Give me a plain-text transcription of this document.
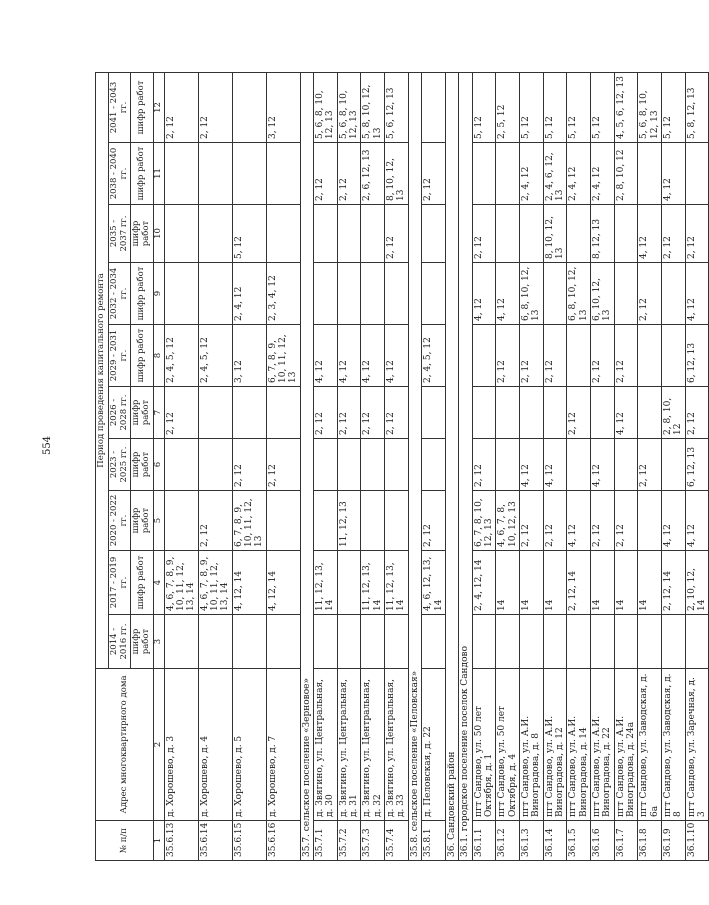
554
№ п/п	Адрес многоквартирного дома	Период проведения капитального ремонта									
		2014 - 2016 гг.	2017 - 2019 гг.	2020 - 2022 гг.	2023 - 2025 гг.	2026 - 2028 гг.	2029 - 2031 гг.	2032 - 2034 гг.	2035 - 2037 гг.	2038 - 2040 гг.	2041 - 2043 гг.
		шифр работ	шифр работ	шифр работ	шифр работ	шифр работ	шифр работ	шифр работ	шифр работ	шифр работ	шифр работ
1	2	3	4	5	6	7	8	9	10	11	12
35.6.13	д. Хорошево, д. 3		4, 6, 7, 8, 9, 10, 11, 12, 13, 14			2, 12	2, 4, 5, 12				2, 12
35.6.14	д. Хорошево, д. 4		4, 6, 7, 8, 9, 10, 11, 12, 13, 14	2, 12			2, 4, 5, 12				2, 12
35.6.15	д. Хорошево, д. 5		4, 12, 14	6, 7, 8, 9, 10, 11, 12, 13	2, 12		3, 12	2, 4, 12	5, 12		
35.6.16	д. Хорошево, д. 7		4, 12, 14		2, 12		6, 7, 8, 9, 10, 11, 12, 13	2, 3, 4, 12			3, 12
35.7. сельское поселение «Зерновое»											
35.7.1	д. Звягино, ул. Центральная, д. 30		11, 12, 13, 14			2, 12	4, 12			2, 12	5, 6, 8, 10, 12, 13
35.7.2	д. Звягино, ул. Центральная, д. 31			11, 12, 13		2, 12	4, 12			2, 12	5, 6, 8, 10, 12, 13
35.7.3	д. Звягино, ул. Центральная, д. 32		11, 12, 13, 14			2, 12	4, 12			2, 6, 12, 13	5, 8, 10, 12, 13
35.7.4	д. Звягино, ул. Центральная, д. 33		11, 12, 13, 14			2, 12	4, 12		2, 12	8, 10, 12, 13	5, 6, 12, 13
35.8. сельское поселение «Пеловская»											
35.8.1	д. Пеловская, д. 22		4, 6, 12, 13, 14	2, 12			2, 4, 5, 12			2, 12	
36. Сандовский район											
36.1. городское поселение поселок Сандово											
36.1.1	пгт Сандово, ул. 50 лет Октября, д. 1		2, 4, 12, 14	6, 7, 8, 10, 12, 13	2, 12			4, 12	2, 12		5, 12
36.1.2	пгт Сандово, ул. 50 лет Октября, д. 4		14	4, 6, 7, 8, 10, 12, 13			2, 12	4, 12			2, 5, 12
36.1.3	пгт Сандово, ул. А.И. Виноградова, д. 8		14	2, 12	4, 12		2, 12	6, 8, 10, 12, 13		2, 4, 12	5, 12
36.1.4	пгт Сандово, ул. А.И. Виноградова, д. 12		14	2, 12	4, 12		2, 12		8, 10, 12, 13	2, 4, 6, 12, 13	5, 12
36.1.5	пгт Сандово, ул. А.И. Виноградова, д. 14		2, 12, 14	4, 12		2, 12		6, 8, 10, 12, 13		2, 4, 12	5, 12
36.1.6	пгт Сандово, ул. А.И. Виноградова, д. 22		14	2, 12	4, 12		2, 12	6, 10, 12, 13	8, 12, 13	2, 4, 12	5, 12
36.1.7	пгт Сандово, ул. А.И. Виноградова, д. 24а		14	2, 12		4, 12	2, 12			2, 8, 10, 12	4, 5, 6, 12, 13
36.1.8	пгт Сандово, ул. Заводская, д. 6а		14		2, 12			2, 12	4, 12		5, 6, 8, 10, 12, 13
36.1.9	пгт Сандово, ул. Заводская, д. 8		2, 12, 14	4, 12		2, 8, 10, 12			2, 12	4, 12	5, 12
36.1.10	пгт Сандово, ул. Заречная, д. 3		2, 10, 12, 14	4, 12	6, 12, 13	2, 12	6, 12, 13	4, 12	2, 12		5, 8, 12, 13
